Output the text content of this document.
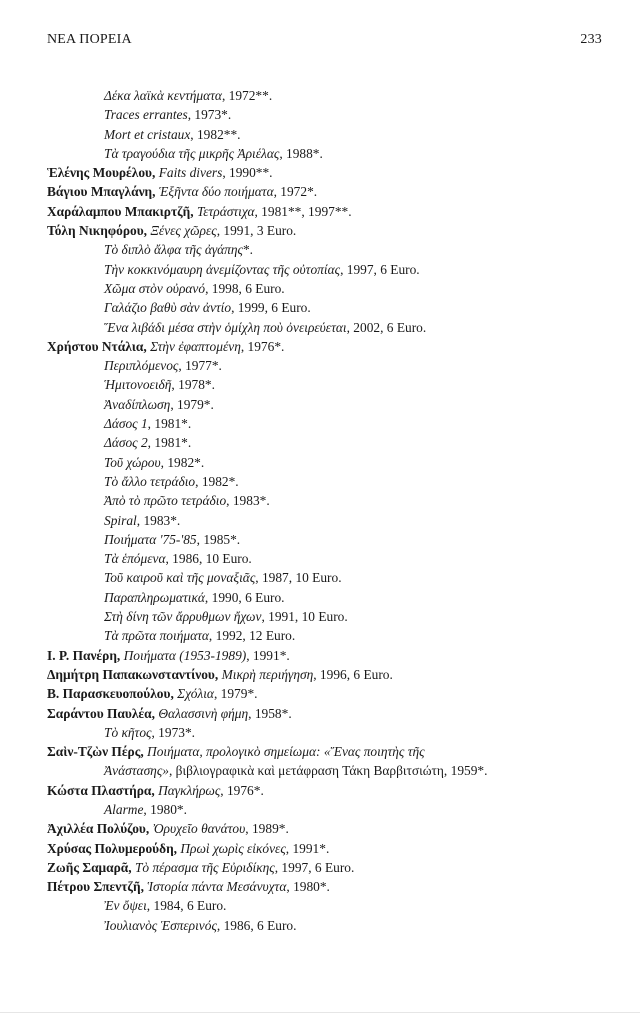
ΝΕΑ ΠΟΡΕΙΑ	233
Δέκα λαϊκὰ κεντήματα, 1972**.
Traces errantes, 1973*.
Mort et cristaux, 1982**.
Τὰ τραγούδια τῆς μικρῆς Ἀριέλας, 1988*.
Ἑλένης Μουρέλου, Faits divers, 1990**.
Βάγιου Μπαγλάνη, Ἑξῆντα δύο ποιήματα, 1972*.
Χαράλαμπου Μπακιρτζῆ, Τετράστιχα, 1981**, 1997**.
Τόλη Νικηφόρου, Ξένες χῶρες, 1991, 3 Euro.
Τὸ διπλὸ ἄλφα τῆς ἀγάπης*.
Τὴν κοκκινόμαυρη ἀνεμίζοντας τῆς οὐτοπίας, 1997, 6 Euro.
Χῶμα στὸν οὐρανό, 1998, 6 Euro.
Γαλάζιο βαθὺ σὰν ἀντίο, 1999, 6 Euro.
Ἕνα λιβάδι μέσα στὴν ὁμίχλη ποὺ ὀνειρεύεται, 2002, 6 Euro.
Χρήστου Ντάλια, Στὴν ἐφαπτομένη, 1976*.
Περιπλόμενος, 1977*.
Ἡμιτονοειδῆ, 1978*.
Ἀναδίπλωση, 1979*.
Δάσος 1, 1981*.
Δάσος 2, 1981*.
Τοῦ χώρου, 1982*.
Τὸ ἄλλο τετράδιο, 1982*.
Ἀπὸ τὸ πρῶτο τετράδιο, 1983*.
Spiral, 1983*.
Ποιήματα '75-'85, 1985*.
Τὰ ἑπόμενα, 1986, 10 Euro.
Τοῦ καιροῦ καὶ τῆς μοναξιᾶς, 1987, 10 Euro.
Παραπληρωματικά, 1990, 6 Euro.
Στὴ δίνη τῶν ἄρρυθμων ἤχων, 1991, 10 Euro.
Τὰ πρῶτα ποιήματα, 1992, 12 Euro.
Ι. Ρ. Πανέρη, Ποιήματα (1953-1989), 1991*.
Δημήτρη Παπακωνσταντίνου, Μικρὴ περιήγηση, 1996, 6 Euro.
Β. Παρασκευοπούλου, Σχόλια, 1979*.
Σαράντου Παυλέα, Θαλασσινὴ φήμη, 1958*.
Τὸ κῆτος, 1973*.
Σαὶν-Τζὼν Πέρς, Ποιήματα, προλογικὸ σημείωμα: «Ἕνας ποιητὴς τῆς
Ἀνάστασης», βιβλιογραφικὰ καὶ μετάφραση Τάκη Βαρβιτσιώτη, 1959*.
Κώστα Πλαστήρα, Παγκλήρως, 1976*.
Alarme, 1980*.
Ἀχιλλέα Πολύζου, Ὀρυχεῖο θανάτου, 1989*.
Χρύσας Πολυμερούδη, Πρωὶ χωρὶς εἰκόνες, 1991*.
Ζωῆς Σαμαρᾶ, Τὸ πέρασμα τῆς Εὐριδίκης, 1997, 6 Euro.
Πέτρου Σπεντζῆ, Ἱστορία πάντα Μεσάνυχτα, 1980*.
Ἐν ὄψει, 1984, 6 Euro.
Ἰουλιανὸς Ἑσπερινός, 1986, 6 Euro.
